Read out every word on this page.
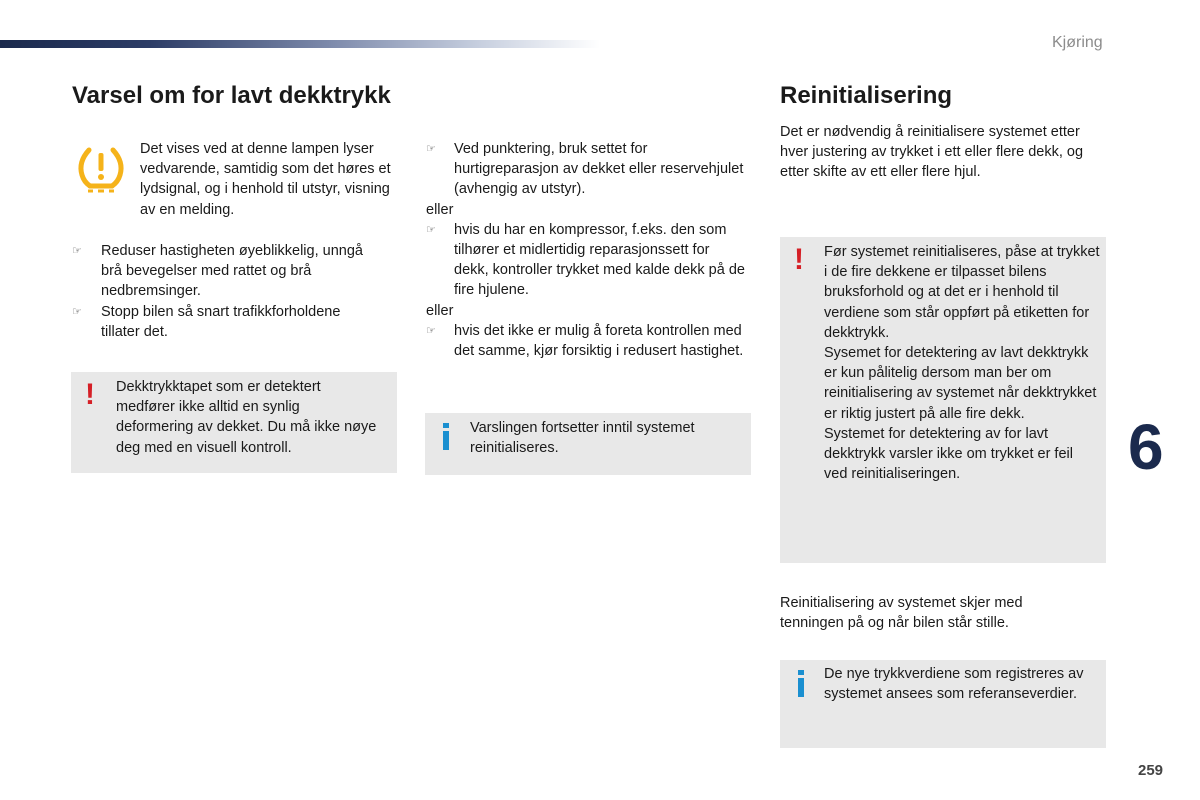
Kjøring
Varsel om for lavt dekktrykk
Det vises ved at denne lampen lyser vedvarende, samtidig som det høres et lydsignal, og i henhold til utstyr, visning av en melding.
☞	Reduser hastigheten øyeblikkelig, unngå brå bevegelser med rattet og brå nedbremsinger.
☞	Stopp bilen så snart trafikkforholdene tillater det.
! Dekktrykktapet som er detektert medfører ikke alltid en synlig deformering av dekket. Du må ikke nøye deg med en visuell kontroll.
☞ Ved punktering, bruk settet for hurtigreparasjon av dekket eller reservehjulet (avhengig av utstyr).
eller
☞ hvis du har en kompressor, f.eks. den som tilhører et midlertidig reparasjonssett for dekk, kontroller trykket med kalde dekk på de fire hjulene.
eller
☞ hvis det ikke er mulig å foreta kontrollen med det samme, kjør forsiktig i redusert hastighet.
Varslingen fortsetter inntil systemet reinitialiseres.
Reinitialisering
Det er nødvendig å reinitialisere systemet etter hver justering av trykket i ett eller flere dekk, og etter skifte av ett eller flere hjul.
! Før systemet reinitialiseres, påse at trykket i de fire dekkene er tilpasset bilens bruksforhold og at det er i henhold til verdiene som står oppført på etiketten for dekktrykk.
Sysemet for detektering av lavt dekktrykk er kun pålitelig dersom man ber om reinitialisering av systemet når dekktrykket er riktig justert på alle fire dekk.
Systemet for detektering av for lavt dekktrykk varsler ikke om trykket er feil ved reinitialiseringen.
Reinitialisering av systemet skjer med tenningen på og når bilen står stille.
De nye trykkverdiene som registreres av systemet ansees som referanseverdier.
6
259
